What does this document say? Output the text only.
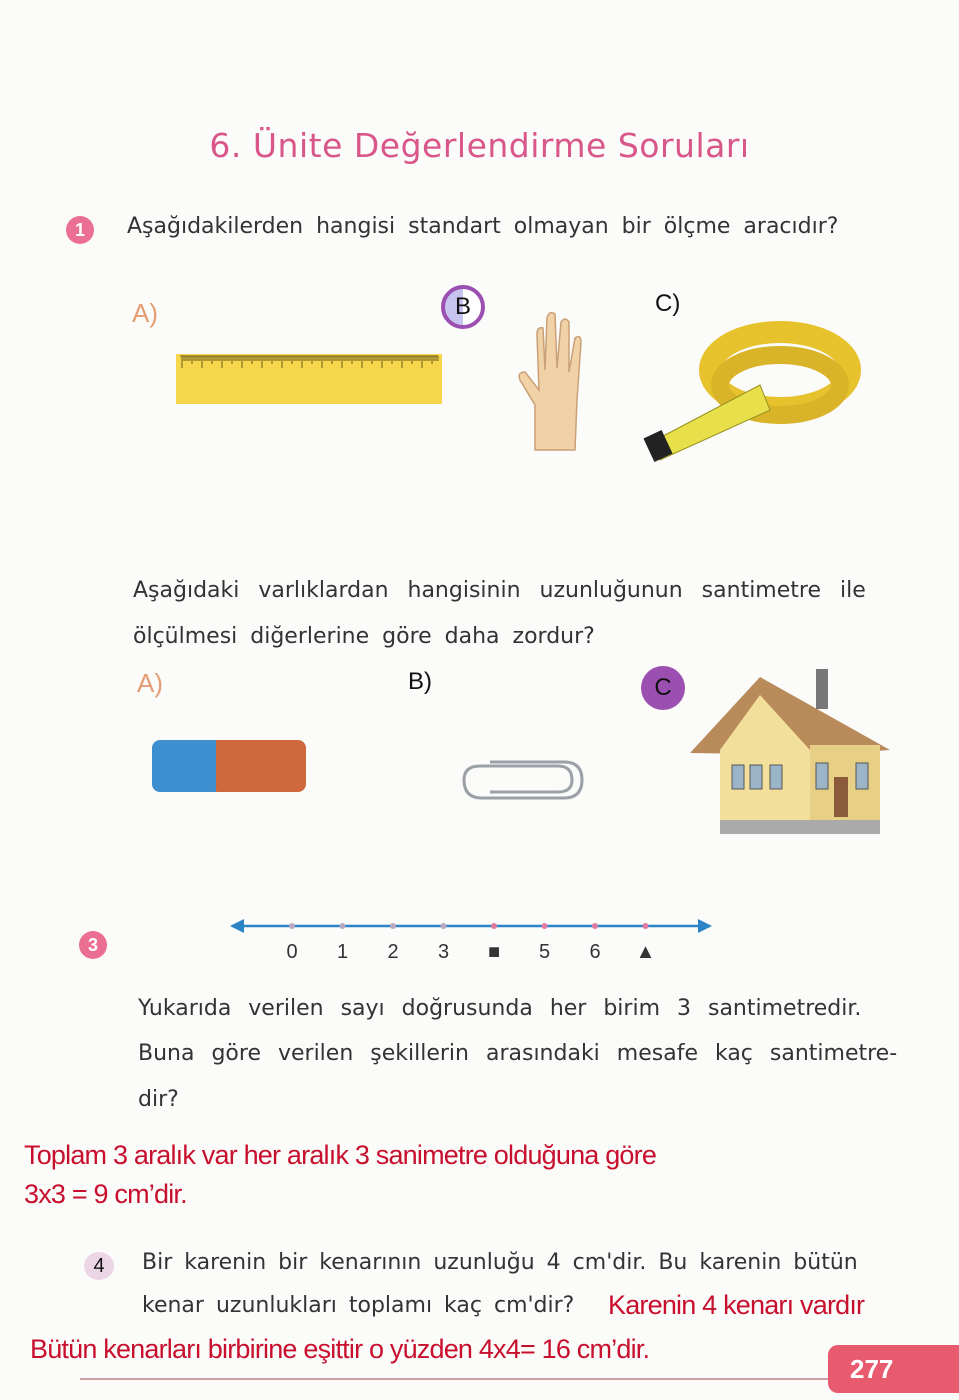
6. Ünite Değerlendirme Soruları
1	Aşağıdakilerden hangisi standart olmayan bir ölçme aracıdır?
A)	B	C)
Aşağıdaki varlıklardan hangisinin uzunluğunun santimetre ile
ölçülmesi diğerlerine göre daha zordur?
A)	B)	C
3	0 1 2 3 ■ 5 6 ▲
Yukarıda verilen sayı doğrusunda her birim 3 santimetredir.
Buna göre verilen şekillerin arasındaki mesafe kaç santimetre-
dir?
Toplam 3 aralık var her aralık 3 sanimetre olduğuna göre
3x3 = 9 cm’dir.
4	Bir karenin bir kenarının uzunluğu 4 cm'dir. Bu karenin bütün
kenar uzunlukları toplamı kaç cm'dir? Karenin 4 kenarı vardır
Bütün kenarları birbirine eşittir o yüzden 4x4= 16 cm’dir.
277
